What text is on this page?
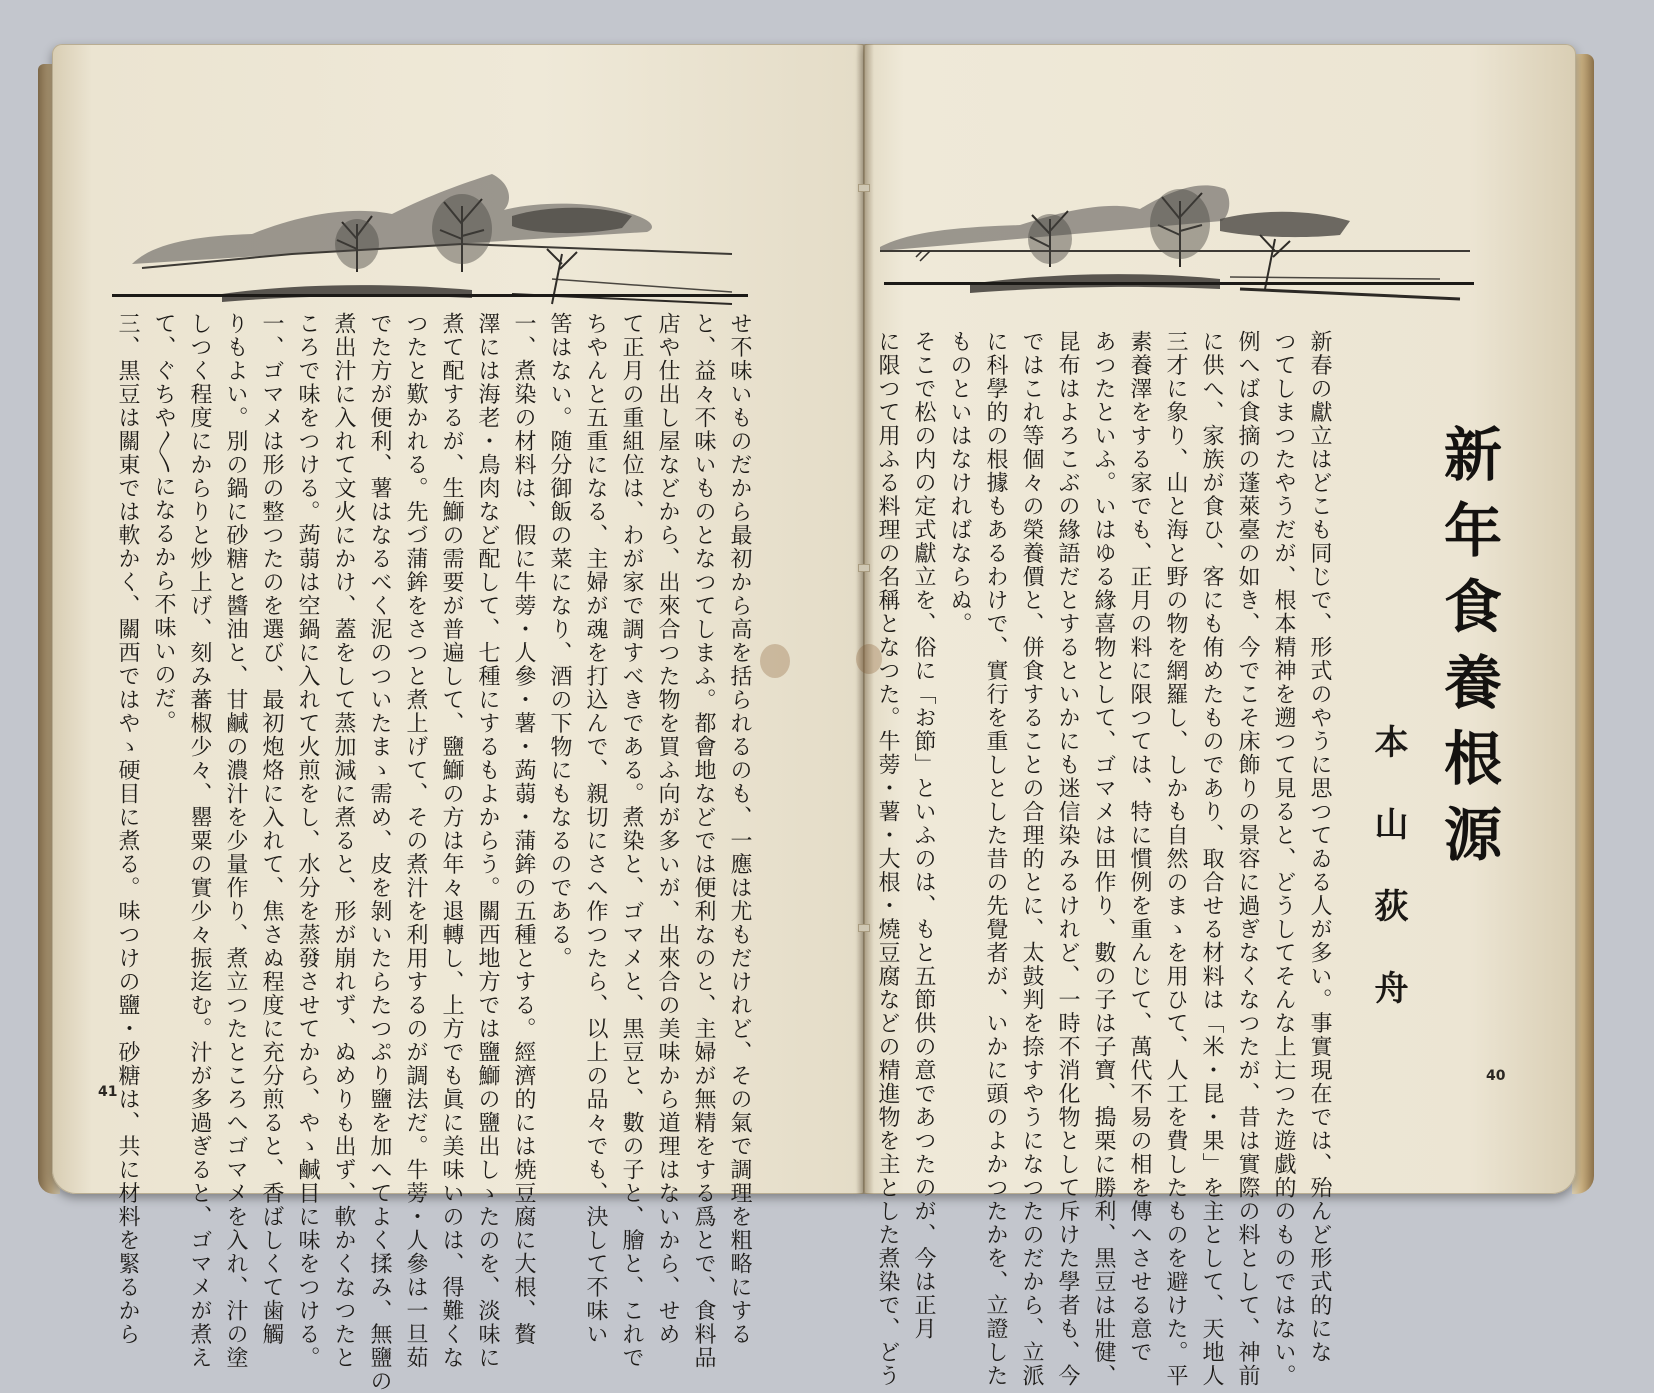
せ不味いものだから最初から高を括られるのも、一應は尤もだけれど、その氣で調理を粗略にする
と、益々不味いものとなつてしまふ。都會地などでは便利なのと、主婦が無精をする爲とで、食料品
店や仕出し屋などから、出來合つた物を買ふ向が多いが、出來合の美味から道理はないから、せめ
て正月の重組位は、わが家で調すべきである。煮染と、ゴマメと、黒豆と、數の子と、膾と、これで
ちやんと五重になる、主婦が魂を打込んで、親切にさへ作つたら、以上の品々でも、決して不味い
筈はない。随分御飯の菜になり、酒の下物にもなるのである。
一、煮染の材料は、假に牛蒡・人參・薯・蒟蒻・蒲鉾の五種とする。經濟的には焼豆腐に大根、贅
澤には海老・鳥肉など配して、七種にするもよからう。關西地方では鹽鰤の鹽出しゝたのを、淡味に
煮て配するが、生鰤の需要が普遍して、鹽鰤の方は年々退轉し、上方でも眞に美味いのは、得難くな
つたと歎かれる。先づ蒲鉾をさつと煮上げて、その煮汁を利用するのが調法だ。牛蒡・人參は一旦茹
でた方が便利、薯はなるべく泥のついたまゝ需め、皮を剝いたらたつぷり鹽を加へてよく揉み、無鹽の
煮出汁に入れて文火にかけ、蓋をして蒸加減に煮ると、形が崩れず、ぬめりも出ず、軟かくなつたと
ころで味をつける。蒟蒻は空鍋に入れて火煎をし、水分を蒸發させてから、やゝ鹹目に味をつける。
一、ゴマメは形の整つたのを選び、最初炮烙に入れて、焦さぬ程度に充分煎ると、香ばしくて歯觸
りもよい。別の鍋に砂糖と醬油と、甘鹹の濃汁を少量作り、煮立つたところへゴマメを入れ、汁の塗
しつく程度にからりと炒上げ、刻み蕃椒少々、罌粟の實少々振迄む。汁が多過ぎると、ゴマメが煮え
て、ぐちや〳〵になるから不味いのだ。
三、黒豆は關東では軟かく、關西ではやゝ硬目に煮る。味つけの鹽・砂糖は、共に材料を緊るから
41	新春の獻立はどこも同じで、形式のやうに思つてゐる人が多い。事實現在では、殆んど形式的にな
つてしまつたやうだが、根本精神を遡つて見ると、どうしてそんな上辷つた遊戯的のものではない。
例へば食摘の蓬萊臺の如き、今でこそ床飾りの景容に過ぎなくなつたが、昔は實際の料として、神前
に供へ、家族が食ひ、客にも侑めたものであり、取合せる材料は「米・昆・果」を主として、天地人
三才に象り、山と海と野の物を網羅し、しかも自然のまゝを用ひて、人工を費したものを避けた。平
素養澤をする家でも、正月の料に限つては、特に慣例を重んじて、萬代不易の相を傳へさせる意で
あつたといふ。いはゆる緣喜物として、ゴマメは田作り、數の子は子寶、搗栗に勝利、黒豆は壯健、
昆布はよろこぶの緣語だとするといかにも迷信染みるけれど、一時不消化物として斥けた學者も、今
ではこれ等個々の榮養價と、併食することの合理的とに、太鼓判を捺すやうになつたのだから、立派
に科學的の根據もあるわけで、實行を重しとした昔の先覺者が、いかに頭のよかつたかを、立證した
ものといはなければならぬ。
そこで松の内の定式獻立を、俗に「お節」といふのは、もと五節供の意であつたのが、今は正月
に限つて用ふる料理の名稱となつた。牛蒡・薯・大根・燒豆腐などの精進物を主とした煮染で、どう	新年食養根源
本山荻舟
40
